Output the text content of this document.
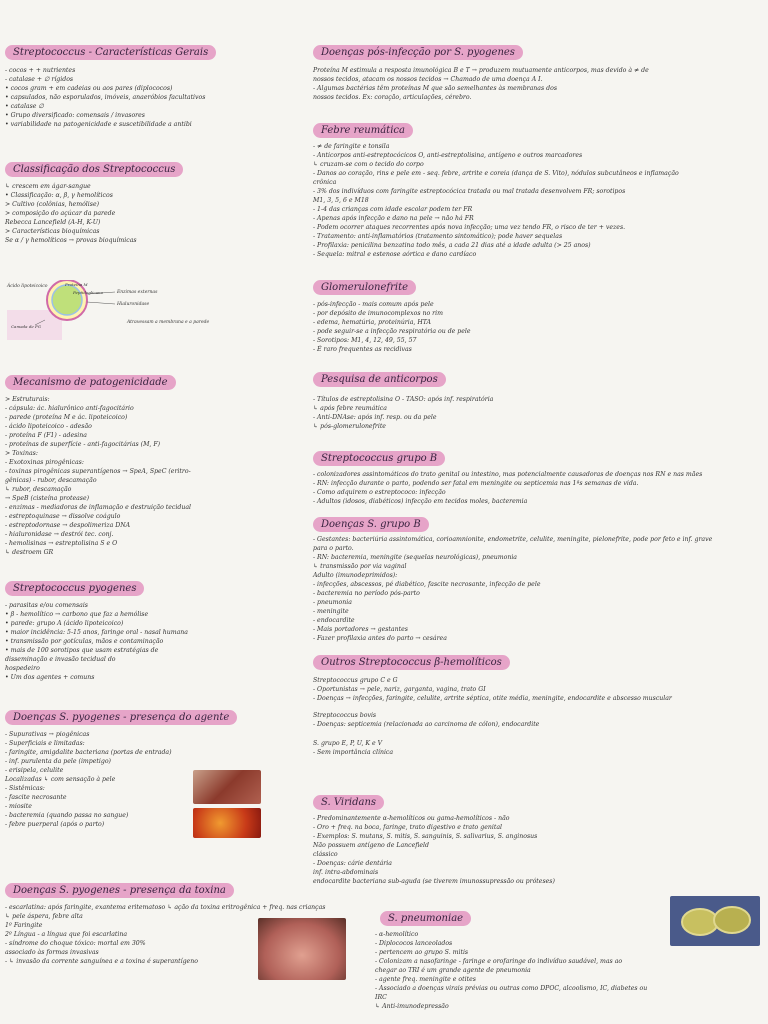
Streptococcus - Características Gerais
- cocos + + nutrientes
- catalase + ∅ rígidos
• cocos gram + em cadeias ou aos pares (diplococos)
• capsulados, não esporulados, imóveis, anaeróbios facultativos
• catalase ∅
• Grupo diversificado: comensais / invasores
• variabilidade na patogenicidade e suscetibilidade a antibi
Classificação dos Streptococcus
↳ crescem em ágar-sangue
• Classificação: α, β, γ hemolíticos
> Cultivo (colônias, hemólise)
> composição do açúcar da parede
Rebecca Lancefield (A-H, K-U)
> Características bioquímicas
Se α / γ hemolíticos → provas bioquímicas
Ácido lipoteicoico	Proteína M
Peptidoglicano
Camada de PG
Enzimas externas
Hialuronidase
Atravessam a membrana e a parede
Mecanismo de patogenicidade
> Estruturais:
- cápsula: ác. hialurônico anti-fagocitário
- parede (proteína M e ác. lipoteicoico)
- ácido lipoteicoico - adesão
- proteína F (F1) - adesina
- proteínas de superfície - anti-fagocitárias (M, F)
> Toxinas:
- Exotoxinas pirogênicas:
- toxinas pirogênicas superantígenos → SpeA, SpeC (eritro-
gênicas) - rubor, descamação
↳ rubor, descamação
→ SpeB (cisteína protease)
- enzimas - mediadoras de inflamação e destruição tecidual
- estreptoquinase → dissolve coágulo
- estreptodornase → despolimeriza DNA
- hialuronidase → destrói tec. conj.
- hemolisinas → estreptolisina S e O
↳ destroem GR
Streptococcus pyogenes
- parasitas e/ou comensais
• β - hemolítico → carbono que faz a hemólise
• parede: grupo A (ácido lipoteicoico)
• maior incidência: 5-15 anos, faringe oral - nasal humana
• transmissão por gotículas, mãos e contaminação
• mais de 100 sorotipos que usam estratégias de
disseminação e invasão tecidual do
hospedeiro
• Um dos agentes + comuns
Doenças S. pyogenes - presença do agente
- Supurativas → piogênicas
- Superficiais e limitadas:
- faringite, amigdalite bacteriana (portas de entrada)
- inf. purulenta da pele (impetigo)
- erisipela, celulite
Localizadas ↳ com sensação à pele
- Sistêmicas:
- fascite necrosante
- miosite
- bacteremia (quando passa no sangue)
- febre puerperal (após o parto)
Doenças S. pyogenes - presença da toxina
- escarlatina: após faringite, exantema eritematoso ↳ ação da toxina eritrogênica + freq. nas crianças
↳ pele áspera, febre alta
1º Faringite
2º Língua - a língua que foi escarlatina
- síndrome do choque tóxico: mortal em 30%
associado às formas invasivas
- ↳ invasão da corrente sanguínea e a toxina é superantígeno
Doenças pós-infecção por S. pyogenes
Proteína M estimula a resposta imunológica B e T → produzem mutuamente anticorpos, mas devido à ≠ de
nossos tecidos, atacam os nossos tecidos → Chamado de uma doença A I.
- Algumas bactérias têm proteínas M que são semelhantes às membranas dos
nossos tecidos. Ex: coração, articulações, cérebro.
Febre reumática
- ≠ de faringite e tonsila
- Anticorpos anti-estreptocócicos O, anti-estreptolisina, antígeno e outros marcadores
↳ cruzam-se com o tecido do corpo
- Danos ao coração, rins e pele em - seq. febre, artrite e coreia (dança de S. Vito), nódulos subcutâneos e inflamação
crônica
- 3% dos indivíduos com faringite estreptocócica tratada ou mal tratada desenvolvem FR; sorotipos
M1, 3, 5, 6 e M18
- 1-4 das crianças com idade escolar podem ter FR
- Apenas após infecção e dano na pele → não há FR
- Podem ocorrer ataques recorrentes após nova infecção; uma vez tendo FR, o risco de ter + vezes.
- Tratamento: anti-inflamatórios (tratamento sintomático); pode haver sequelas
- Profilaxia: penicilina benzatina todo mês, a cada 21 dias até a idade adulta (> 25 anos)
- Sequela: mitral e estenose aórtica e dano cardíaco
Glomerulonefrite
- pós-infecção - mais comum após pele
- por depósito de imunocomplexos no rim
- edema, hematúria, proteinúria, HTA
- pode seguir-se a infecção respiratória ou de pele
- Sorotipos: M1, 4, 12, 49, 55, 57
- É raro frequentes as recidivas
Pesquisa de anticorpos
- Títulos de estreptolisina O - TASO: após inf. respiratória
↳ após febre reumática
- Anti-DNAse: após inf. resp. ou da pele
↳ pós-glomerulonefrite
Streptococcus grupo B
- colonizadores assintomáticos do trato genital ou intestino, mas potencialmente causadoras de doenças nos RN e nas mães
- RN: infecção durante o parto, podendo ser fatal em meningite ou septicemia nas 1ªs semanas de vida.
- Como adquirem o estreptococo: infecção
- Adultos (idosos, diabéticos) infecção em tecidos moles, bacteremia
Doenças S. grupo B
- Gestantes: bacteriúria assintomática, corioamnionite, endometrite, celulite, meningite, pielonefrite, pode por feto e inf. grave
para o parto.
- RN: bacteremia, meningite (sequelas neurológicas), pneumonia
↳ transmissão por via vaginal
Adulto (imunodeprimidos):
- infecções, abscessos, pé diabético, fascite necrosante, infecção de pele
- bacteremia no período pós-parto
- pneumonia
- meningite
- endocardite
- Mais portadores → gestantes
- Fazer profilaxia antes do parto → cesárea
Outros Streptococcus β-hemolíticos
Streptococcus grupo C e G
- Oportunistas → pele, nariz, garganta, vagina, trato GI
- Doenças → infecções, faringite, celulite, artrite séptica, otite média, meningite, endocardite e abscesso muscular
Streptococcus bovis
- Doenças: septicemia (relacionada ao carcinoma de cólon), endocardite
S. grupo E, P, U, K e V
- Sem importância clínica
S. Viridans
- Predominantemente α-hemolíticos ou gama-hemolíticos - não
- Oro + freq. na boca, faringe, trato digestivo e trato genital
- Exemplos: S. mutans, S. mitis, S. sanguinis, S. salivarius, S. anginosus
Não possuem antígeno de Lancefield
clássico
- Doenças: cárie dentária
inf. intra-abdominais
endocardite bacteriana sub-aguda (se tiverem imunossupressão ou próteses)
S. pneumoniae
- α-hemolítico
- Diplococos lanceolados
- pertencem ao grupo S. mitis
- Colonizam a nasofaringe - faringe e orofaringe do indivíduo saudável, mas ao
chegar ao TRI é um grande agente de pneumonia
- agente freq. meningite e otites
- Associado a doenças virais prévias ou outras como DPOC, alcoolismo, IC, diabetes ou
IRC
↳ Anti-imunodepressão
